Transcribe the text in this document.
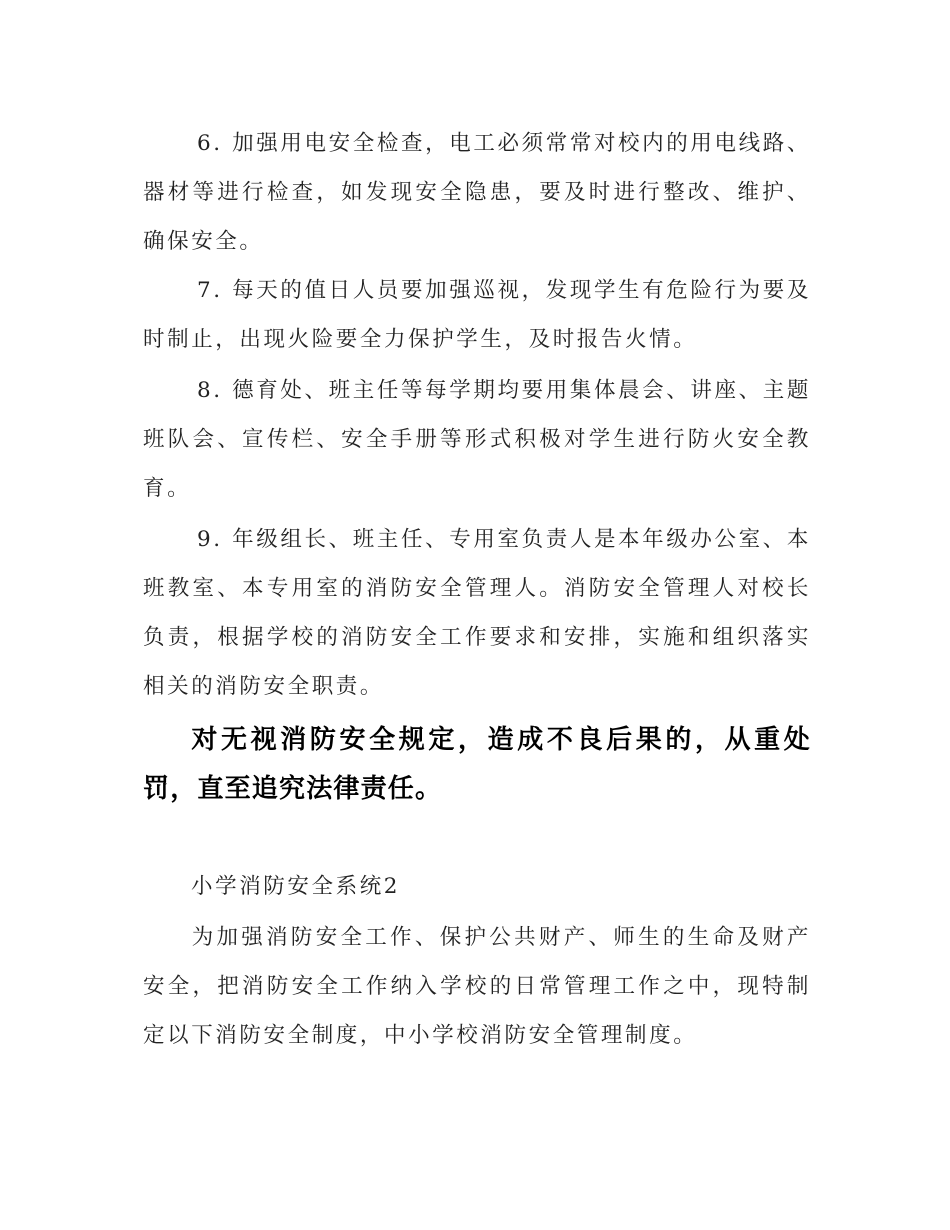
6. 加强用电安全检查，电工必须常常对校内的用电线路、器材等进行检查，如发现安全隐患，要及时进行整改、维护、确保安全。

7. 每天的值日人员要加强巡视，发现学生有危险行为要及时制止，出现火险要全力保护学生，及时报告火情。

8. 德育处、班主任等每学期均要用集体晨会、讲座、主题班队会、宣传栏、安全手册等形式积极对学生进行防火安全教育。

9. 年级组长、班主任、专用室负责人是本年级办公室、本班教室、本专用室的消防安全管理人。消防安全管理人对校长负责，根据学校的消防安全工作要求和安排，实施和组织落实相关的消防安全职责。

对无视消防安全规定，造成不良后果的，从重处罚，直至追究法律责任。

小学消防安全系统2

为加强消防安全工作、保护公共财产、师生的生命及财产安全，把消防安全工作纳入学校的日常管理工作之中，现特制定以下消防安全制度，中小学校消防安全管理制度。
